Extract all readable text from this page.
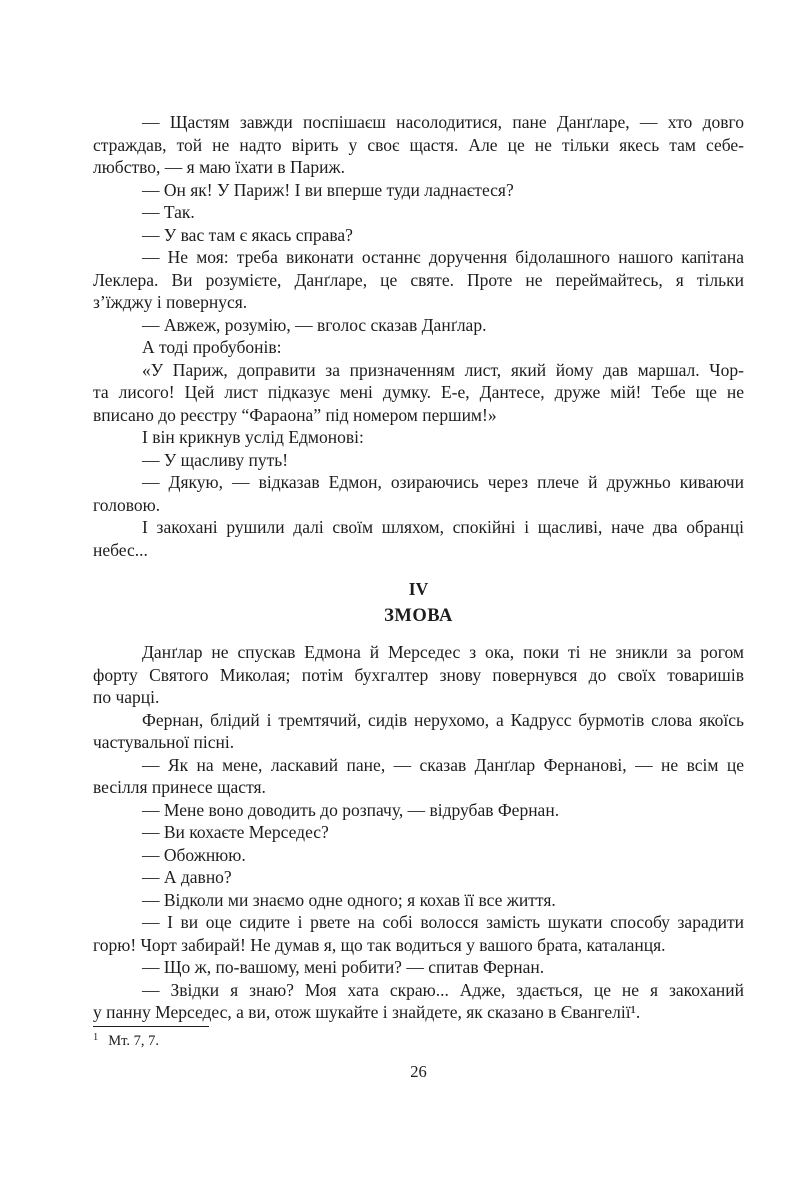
— Щастям завжди поспішаєш насолодитися, пане Данґларе, — хто довго
страждав, той не надто вірить у своє щастя. Але це не тільки якесь там себе-
любство, — я маю їхати в Париж.
— Он як! У Париж! І ви вперше туди ладнаєтеся?
— Так.
— У вас там є якась справа?
— Не моя: треба виконати останнє доручення бідолашного нашого капітана
Леклера. Ви розумієте, Данґларе, це святе. Проте не переймайтесь, я тільки
з’їжджу і повернуся.
— Авжеж, розумію, — вголос сказав Данґлар.
А тоді пробубонів:
«У Париж, доправити за призначенням лист, який йому дав маршал. Чор-
та лисого! Цей лист підказує мені думку. Е-е, Дантесе, друже мій! Тебе ще не
вписано до реєстру “Фараона” під номером першим!»
І він крикнув услід Едмонові:
— У щасливу путь!
— Дякую, — відказав Едмон, озираючись через плече й дружньо киваючи
головою.
І закохані рушили далі своїм шляхом, спокійні і щасливі, наче два обранці
небес...
IV
ЗМОВА
Данґлар не спускав Едмона й Мерседес з ока, поки ті не зникли за рогом
форту Святого Миколая; потім бухгалтер знову повернувся до своїх товаришів
по чарці.
Фернан, блідий і тремтячий, сидів нерухомо, а Кадрусс бурмотів слова якоїсь
частувальної пісні.
— Як на мене, ласкавий пане, — сказав Данґлар Фернанові, — не всім це
весілля принесе щастя.
— Мене воно доводить до розпачу, — відрубав Фернан.
— Ви кохаєте Мерседес?
— Обожнюю.
— А давно?
— Відколи ми знаємо одне одного; я кохав її все життя.
— І ви оце сидите і рвете на собі волосся замість шукати способу зарадити
горю! Чорт забирай! Не думав я, що так водиться у вашого брата, каталанця.
— Що ж, по-вашому, мені робити? — спитав Фернан.
— Звідки я знаю? Моя хата скраю... Адже, здається, це не я закоханий
у панну Мерседес, а ви, отож шукайте і знайдете, як сказано в Євангелії¹.
$^1$ Мт. 7, 7.
26
